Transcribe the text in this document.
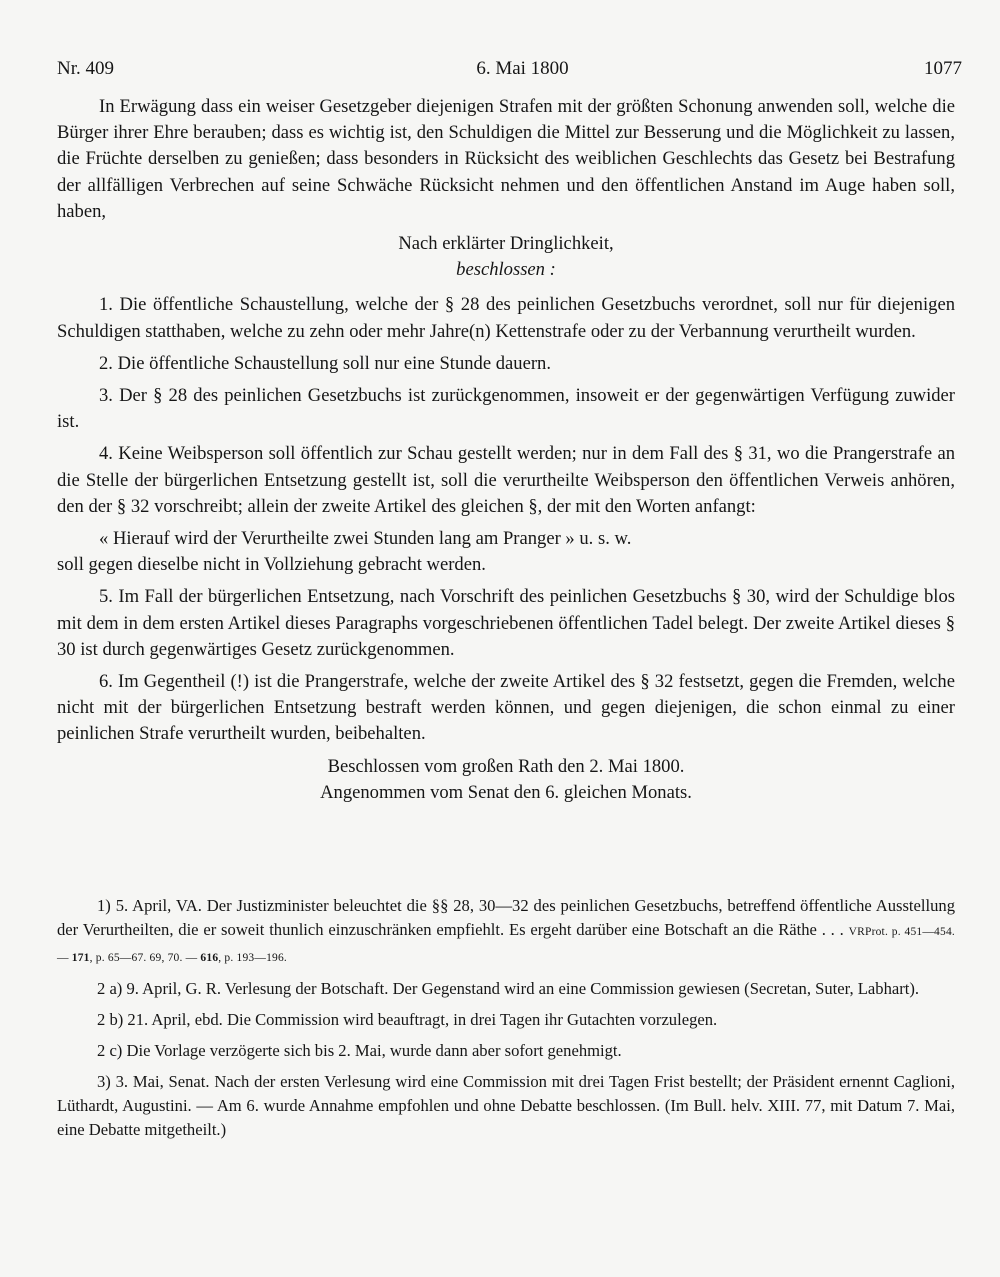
Nr. 409	6. Mai 1800	1077

In Erwägung dass ein weiser Gesetzgeber diejenigen Strafen mit der größten Schonung anwenden soll, welche die Bürger ihrer Ehre berauben; dass es wichtig ist, den Schuldigen die Mittel zur Besserung und die Möglichkeit zu lassen, die Früchte derselben zu genießen; dass besonders in Rücksicht des weiblichen Geschlechts das Gesetz bei Bestrafung der allfälligen Verbrechen auf seine Schwäche Rücksicht nehmen und den öffentlichen Anstand im Auge haben soll, haben,

Nach erklärter Dringlichkeit,

beschlossen :

1. Die öffentliche Schaustellung, welche der § 28 des peinlichen Gesetzbuchs verordnet, soll nur für diejenigen Schuldigen statthaben, welche zu zehn oder mehr Jahre(n) Kettenstrafe oder zu der Verbannung verurtheilt wurden.

2. Die öffentliche Schaustellung soll nur eine Stunde dauern.

3. Der § 28 des peinlichen Gesetzbuchs ist zurückgenommen, insoweit er der gegenwärtigen Verfügung zuwider ist.

4. Keine Weibsperson soll öffentlich zur Schau gestellt werden; nur in dem Fall des § 31, wo die Prangerstrafe an die Stelle der bürgerlichen Entsetzung gestellt ist, soll die verurtheilte Weibsperson den öffentlichen Verweis anhören, den der § 32 vorschreibt; allein der zweite Artikel des gleichen §, der mit den Worten anfangt:

« Hierauf wird der Verurtheilte zwei Stunden lang am Pranger » u. s. w.

soll gegen dieselbe nicht in Vollziehung gebracht werden.

5. Im Fall der bürgerlichen Entsetzung, nach Vorschrift des peinlichen Gesetzbuchs § 30, wird der Schuldige blos mit dem in dem ersten Artikel dieses Paragraphs vorgeschriebenen öffentlichen Tadel belegt. Der zweite Artikel dieses § 30 ist durch gegenwärtiges Gesetz zurückgenommen.

6. Im Gegentheil (!) ist die Prangerstrafe, welche der zweite Artikel des § 32 festsetzt, gegen die Fremden, welche nicht mit der bürgerlichen Entsetzung bestraft werden können, und gegen diejenigen, die schon einmal zu einer peinlichen Strafe verurtheilt wurden, beibehalten.

Beschlossen vom großen Rath den 2. Mai 1800.

Angenommen vom Senat den 6. gleichen Monats.

1) 5. April, VA. Der Justizminister beleuchtet die §§ 28, 30—32 des peinlichen Gesetzbuchs, betreffend öffentliche Ausstellung der Verurtheilten, die er soweit thunlich einzuschränken empfiehlt. Es ergeht darüber eine Botschaft an die Räthe . . . VRProt. p. 451—454. — 171, p. 65—67. 69, 70. — 616, p. 193—196.

2 a) 9. April, G. R. Verlesung der Botschaft. Der Gegenstand wird an eine Commission gewiesen (Secretan, Suter, Labhart).

2 b) 21. April, ebd. Die Commission wird beauftragt, in drei Tagen ihr Gutachten vorzulegen.

2 c) Die Vorlage verzögerte sich bis 2. Mai, wurde dann aber sofort genehmigt.

3) 3. Mai, Senat. Nach der ersten Verlesung wird eine Commission mit drei Tagen Frist bestellt; der Präsident ernennt Caglioni, Lüthardt, Augustini. — Am 6. wurde Annahme empfohlen und ohne Debatte beschlossen. (Im Bull. helv. XIII. 77, mit Datum 7. Mai, eine Debatte mitgetheilt.)
